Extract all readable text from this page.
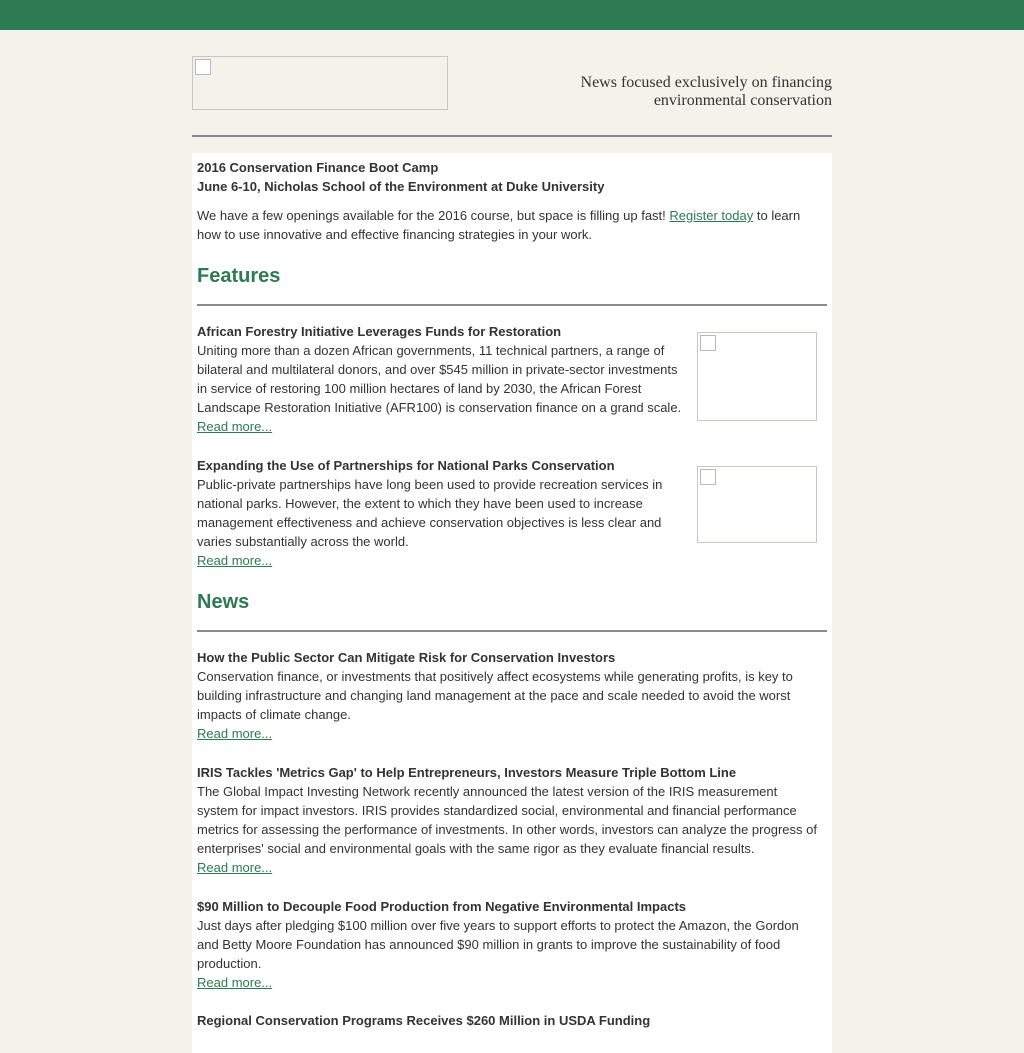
News focused exclusively on financing
environmental conservation
2016 Conservation Finance Boot Camp
June 6-10, Nicholas School of the Environment at Duke University
We have a few openings available for the 2016 course, but space is filling up fast! Register today to learn
how to use innovative and effective financing strategies in your work.
Features
African Forestry Initiative Leverages Funds for Restoration
Uniting more than a dozen African governments, 11 technical partners, a range of
bilateral and multilateral donors, and over $545 million in private-sector investments
in service of restoring 100 million hectares of land by 2030, the African Forest
Landscape Restoration Initiative (AFR100) is conservation finance on a grand scale.
Read more...
Expanding the Use of Partnerships for National Parks Conservation
Public-private partnerships have long been used to provide recreation services in
national parks. However, the extent to which they have been used to increase
management effectiveness and achieve conservation objectives is less clear and
varies substantially across the world.
Read more...
News
How the Public Sector Can Mitigate Risk for Conservation Investors
Conservation finance, or investments that positively affect ecosystems while generating profits, is key to
building infrastructure and changing land management at the pace and scale needed to avoid the worst
impacts of climate change.
Read more...
IRIS Tackles 'Metrics Gap' to Help Entrepreneurs, Investors Measure Triple Bottom Line
The Global Impact Investing Network recently announced the latest version of the IRIS measurement
system for impact investors. IRIS provides standardized social, environmental and financial performance
metrics for assessing the performance of investments. In other words, investors can analyze the progress of
enterprises' social and environmental goals with the same rigor as they evaluate financial results.
Read more...
$90 Million to Decouple Food Production from Negative Environmental Impacts
Just days after pledging $100 million over five years to support efforts to protect the Amazon, the Gordon
and Betty Moore Foundation has announced $90 million in grants to improve the sustainability of food
production.
Read more...
Regional Conservation Programs Receives $260 Million in USDA Funding
